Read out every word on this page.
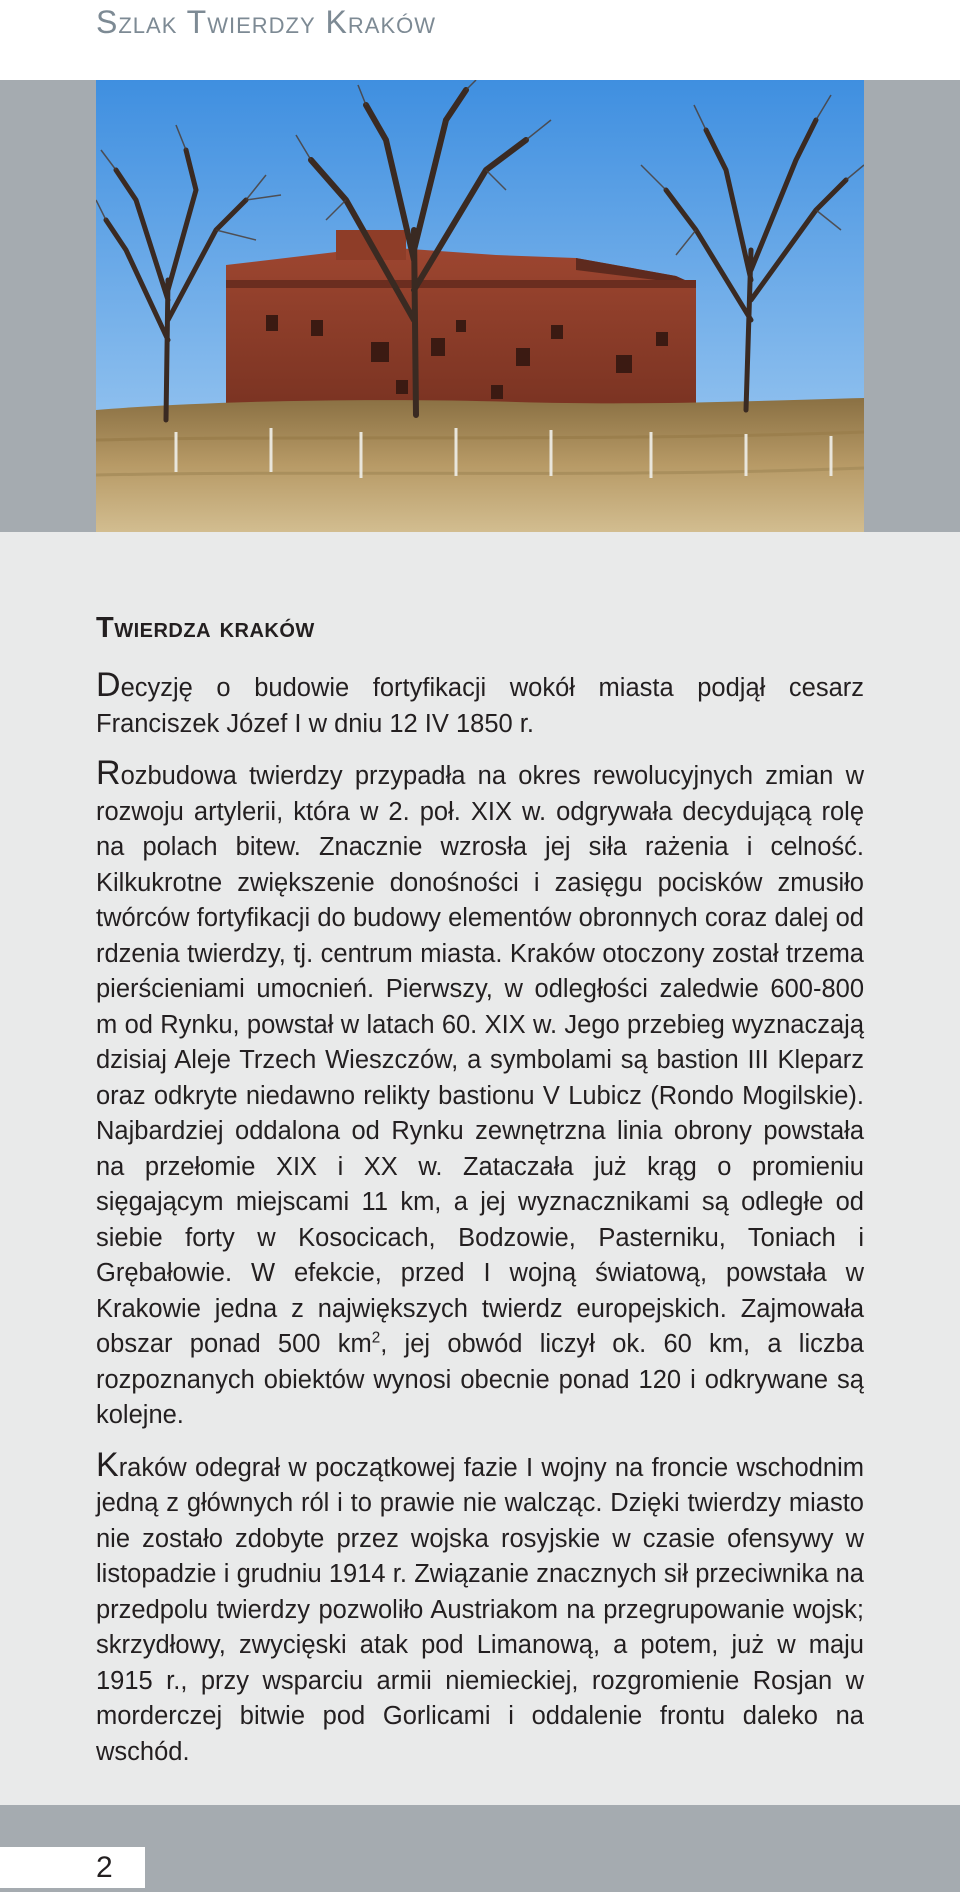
Szlak Twierdzy Kraków
Twierdza kraków

Decyzję o budowie fortyfikacji wokół miasta podjął cesarz Franciszek Józef I w dniu 12 IV 1850 r.

Rozbudowa twierdzy przypadła na okres rewolucyjnych zmian w rozwoju artylerii, która w 2. poł. XIX w. odgrywała decydującą rolę na polach bitew. Znacznie wzrosła jej siła rażenia i celność. Kilkukrotne zwiększenie donośności i zasięgu pocisków zmusiło twórców fortyfikacji do budowy elementów obronnych coraz dalej od rdzenia twierdzy, tj. centrum miasta. Kraków otoczony został trzema pierścieniami umocnień. Pierwszy, w odległości zaledwie 600-800 m od Rynku, powstał w latach 60. XIX w. Jego przebieg wyznaczają dzisiaj Aleje Trzech Wieszczów, a symbolami są bastion III Kleparz oraz odkryte niedawno relikty bastionu V Lubicz (Rondo Mogilskie). Najbardziej oddalona od Rynku zewnętrzna linia obrony powstała na przełomie XIX i XX w. Zataczała już krąg o promieniu sięgającym miejscami 11 km, a jej wyznacznikami są odległe od siebie forty w Kosocicach, Bodzowie, Pasterniku, Toniach i Grębałowie. W efekcie, przed I wojną światową, powstała w Krakowie jedna z największych twierdz europejskich. Zajmowała obszar ponad 500 $km^2$, jej obwód liczył ok. 60 km, a liczba rozpoznanych obiektów wynosi obecnie ponad 120 i odkrywane są kolejne.

Kraków odegrał w początkowej fazie I wojny na froncie wschodnim jedną z głównych ról i to prawie nie walcząc. Dzięki twierdzy miasto nie zostało zdobyte przez wojska rosyjskie w czasie ofensywy w listopadzie i grudniu 1914 r. Związanie znacznych sił przeciwnika na przedpolu twierdzy pozwoliło Austriakom na przegrupowanie wojsk; skrzydłowy, zwycięski atak pod Limanową, a potem, już w maju 1915 r., przy wsparciu armii niemieckiej, rozgromienie Rosjan w morderczej bitwie pod Gorlicami i oddalenie frontu daleko na wschód.

2
